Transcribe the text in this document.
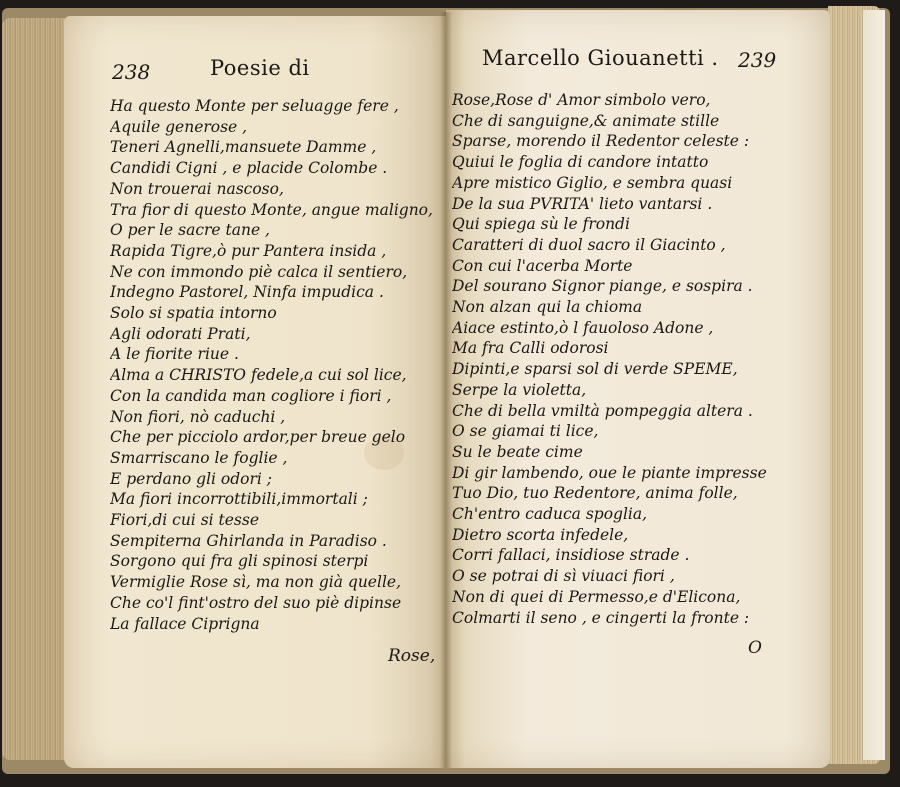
238	Poesie di
Ha questo Monte per seluagge fere ,
Aquile generose ,
Teneri Agnelli,mansuete Damme ,
Candidi Cigni , e placide Colombe .
Non trouerai nascoso,
Tra fior di questo Monte, angue maligno,
O per le sacre tane ,
Rapida Tigre,ò pur Pantera insida ,
Ne con immondo piè calca il sentiero,
Indegno Pastorel, Ninfa impudica .
Solo si spatia intorno
Agli odorati Prati,
A le fiorite riue .
Alma a CHRISTO fedele,a cui sol lice,
Con la candida man cogliore i fiori ,
Non fiori, nò caduchi ,
Che per picciolo ardor,per breue gelo
Smarriscano le foglie ,
E perdano gli odori ;
Ma fiori incorrottibili,immortali ;
Fiori,di cui si tesse
Sempiterna Ghirlanda in Paradiso .
Sorgono qui fra gli spinosi sterpi
Vermiglie Rose sì, ma non già quelle,
Che co'l fint'ostro del suo piè dipinse
La fallace Ciprigna
Rose,
Marcello Giouanetti . 239
Rose,Rose d' Amor simbolo vero,
Che di sanguigne,& animate stille
Sparse, morendo il Redentor celeste :
Quiui le foglia di candore intatto
Apre mistico Giglio, e sembra quasi
De la sua PVRITA' lieto vantarsi .
Qui spiega sù le frondi
Caratteri di duol sacro il Giacinto ,
Con cui l'acerba Morte
Del sourano Signor piange, e sospira .
Non alzan qui la chioma
Aiace estinto,ò l fauoloso Adone ,
Ma fra Calli odorosi
Dipinti,e sparsi sol di verde SPEME,
Serpe la violetta,
Che di bella vmiltà pompeggia altera .
O se giamai ti lice,
Su le beate cime
Di gir lambendo, oue le piante impresse
Tuo Dio, tuo Redentore, anima folle,
Ch'entro caduca spoglia,
Dietro scorta infedele,
Corri fallaci, insidiose strade .
O se potrai di sì viuaci fiori ,
Non di quei di Permesso,e d'Elicona,
Colmarti il seno , e cingerti la fronte :
O
